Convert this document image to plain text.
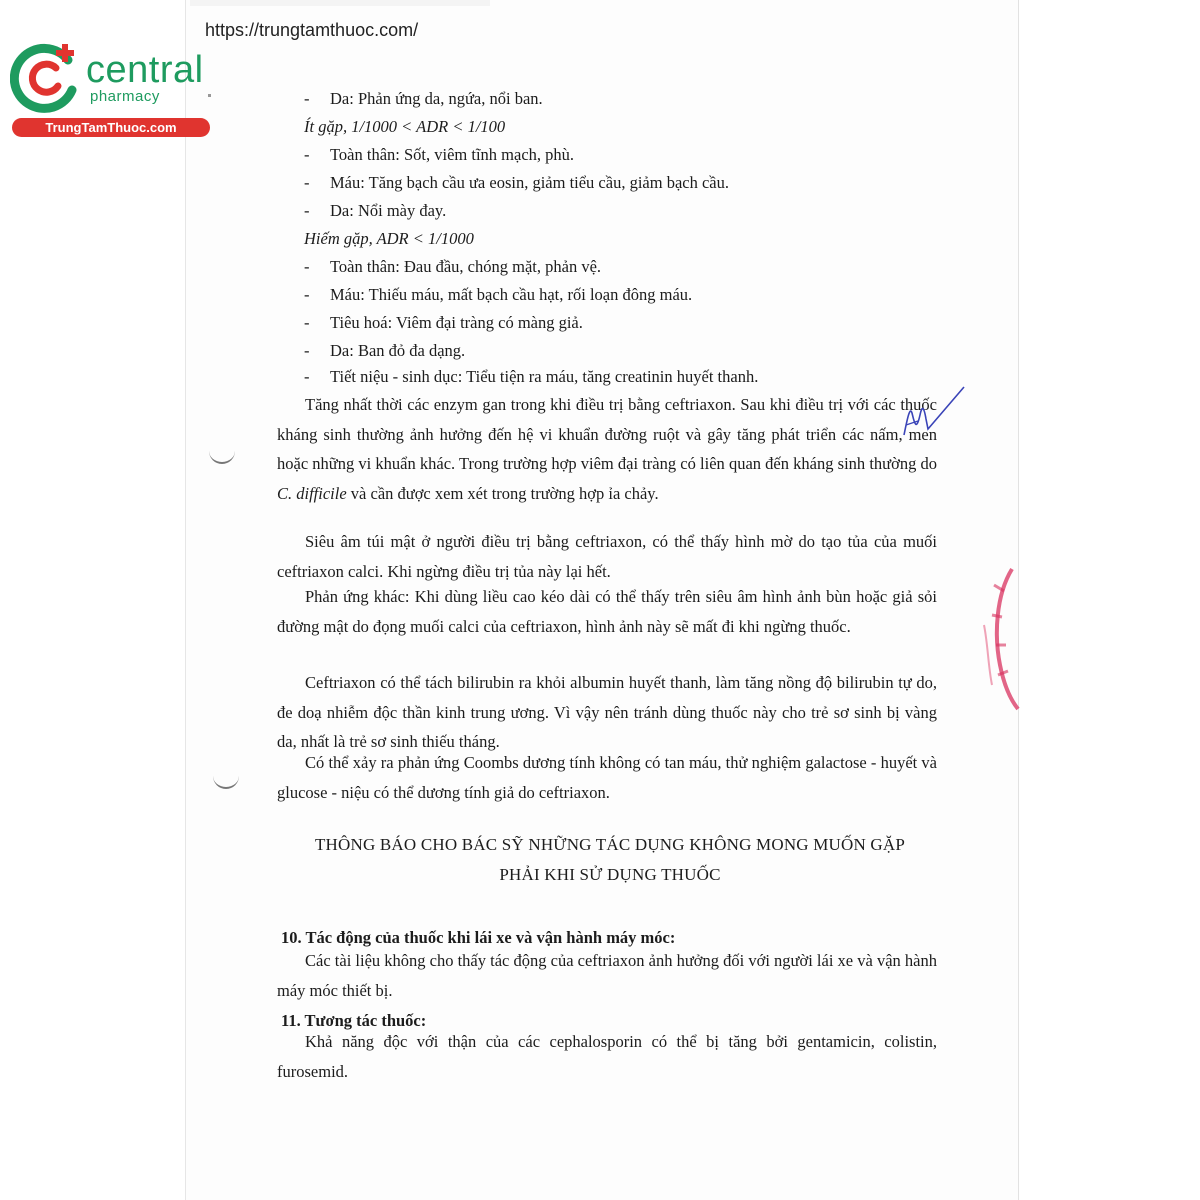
https://trungtamthuoc.com/
central
pharmacy
TrungTamThuoc.com
- Da: Phản ứng da, ngứa, nổi ban.
Ít gặp, 1/1000 < ADR < 1/100
- Toàn thân: Sốt, viêm tĩnh mạch, phù.
- Máu: Tăng bạch cầu ưa eosin, giảm tiểu cầu, giảm bạch cầu.
- Da: Nổi mày đay.
Hiếm gặp, ADR < 1/1000
- Toàn thân: Đau đầu, chóng mặt, phản vệ.
- Máu: Thiếu máu, mất bạch cầu hạt, rối loạn đông máu.
- Tiêu hoá: Viêm đại tràng có màng giả.
- Da: Ban đỏ đa dạng.
- Tiết niệu - sinh dục: Tiểu tiện ra máu, tăng creatinin huyết thanh.
Tăng nhất thời các enzym gan trong khi điều trị bằng ceftriaxon. Sau khi điều trị với các thuốc kháng sinh thường ảnh hưởng đến hệ vi khuẩn đường ruột và gây tăng phát triển các nấm, men hoặc những vi khuẩn khác. Trong trường hợp viêm đại tràng có liên quan đến kháng sinh thường do C. difficile và cần được xem xét trong trường hợp ỉa chảy.
Siêu âm túi mật ở người điều trị bằng ceftriaxon, có thể thấy hình mờ do tạo tủa của muối ceftriaxon calci. Khi ngừng điều trị tủa này lại hết.
Phản ứng khác: Khi dùng liều cao kéo dài có thể thấy trên siêu âm hình ảnh bùn hoặc giả sỏi đường mật do đọng muối calci của ceftriaxon, hình ảnh này sẽ mất đi khi ngừng thuốc.
Ceftriaxon có thể tách bilirubin ra khỏi albumin huyết thanh, làm tăng nồng độ bilirubin tự do, đe doạ nhiễm độc thần kinh trung ương. Vì vậy nên tránh dùng thuốc này cho trẻ sơ sinh bị vàng da, nhất là trẻ sơ sinh thiếu tháng.
Có thể xảy ra phản ứng Coombs dương tính không có tan máu, thử nghiệm galactose - huyết và glucose - niệu có thể dương tính giả do ceftriaxon.
THÔNG BÁO CHO BÁC SỸ NHỮNG TÁC DỤNG KHÔNG MONG MUỐN GẶP
PHẢI KHI SỬ DỤNG THUỐC
10. Tác động của thuốc khi lái xe và vận hành máy móc:
Các tài liệu không cho thấy tác động của ceftriaxon ảnh hưởng đối với người lái xe và vận hành máy móc thiết bị.
11. Tương tác thuốc:
Khả năng độc với thận của các cephalosporin có thể bị tăng bởi gentamicin, colistin, furosemid.
